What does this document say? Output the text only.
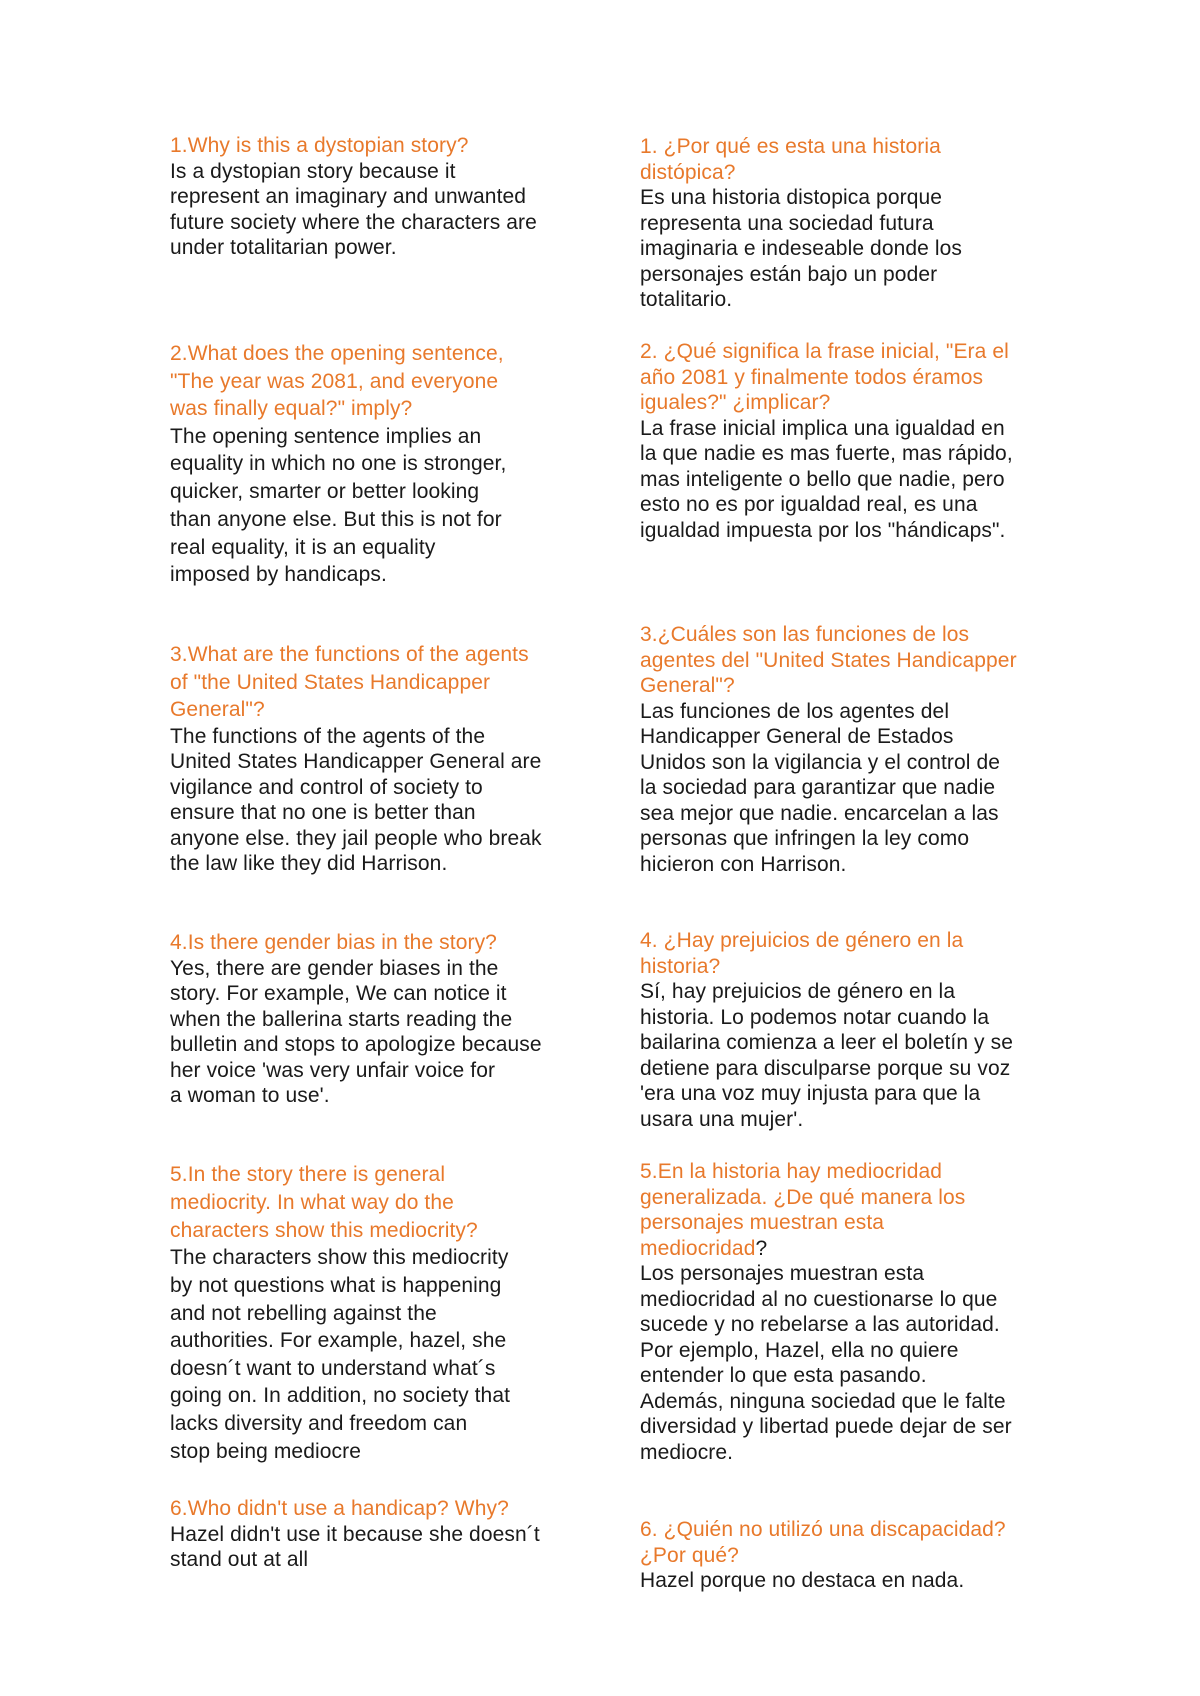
1.Why is this a dystopian story?
Is a dystopian story because it
represent an imaginary and unwanted
future society where the characters are
under totalitarian power.
2.What does the opening sentence,
"The year was 2081, and everyone
was finally equal?" imply?
The opening sentence implies an
equality in which no one is stronger,
quicker, smarter or better looking
than anyone else. But this is not for
real equality, it is an equality
imposed by handicaps.
3.What are the functions of the agents
of "the United States Handicapper
General"?
The functions of the agents of the
United States Handicapper General are
vigilance and control of society to
ensure that no one is better than
anyone else. they jail people who break
the law like they did Harrison.
4.Is there gender bias in the story?
Yes, there are gender biases in the
story. For example, We can notice it
when the ballerina starts reading the
bulletin and stops to apologize because
her voice 'was very unfair voice for
a woman to use'.
5.In the story there is general
mediocrity. In what way do the
characters show this mediocrity?
The characters show this mediocrity
by not questions what is happening
and not rebelling against the
authorities. For example, hazel, she
doesn´t want to understand what´s
going on. In addition, no society that
lacks diversity and freedom can
stop being mediocre
6.Who didn't use a handicap? Why?
Hazel didn't use it because she doesn´t
stand out at all
1. ¿Por qué es esta una historia
distópica?
Es una historia distopica porque
representa una sociedad futura
imaginaria e indeseable donde los
personajes están bajo un poder
totalitario.
2. ¿Qué significa la frase inicial, "Era el
año 2081 y finalmente todos éramos
iguales?" ¿implicar?
La frase inicial implica una igualdad en
la que nadie es mas fuerte, mas rápido,
mas inteligente o bello que nadie, pero
esto no es por igualdad real, es una
igualdad impuesta por los "hándicaps".
3.¿Cuáles son las funciones de los
agentes del "United States Handicapper
General"?
Las funciones de los agentes del
Handicapper General de Estados
Unidos son la vigilancia y el control de
la sociedad para garantizar que nadie
sea mejor que nadie. encarcelan a las
personas que infringen la ley como
hicieron con Harrison.
4. ¿Hay prejuicios de género en la
historia?
Sí, hay prejuicios de género en la
historia. Lo podemos notar cuando la
bailarina comienza a leer el boletín y se
detiene para disculparse porque su voz
'era una voz muy injusta para que la
usara una mujer'.
5.En la historia hay mediocridad
generalizada. ¿De qué manera los
personajes muestran esta
mediocridad?
Los personajes muestran esta
mediocridad al no cuestionarse lo que
sucede y no rebelarse a las autoridad.
Por ejemplo, Hazel, ella no quiere
entender lo que esta pasando.
Además, ninguna sociedad que le falte
diversidad y libertad puede dejar de ser
mediocre.
6. ¿Quién no utilizó una discapacidad?
¿Por qué?
Hazel porque no destaca en nada.
